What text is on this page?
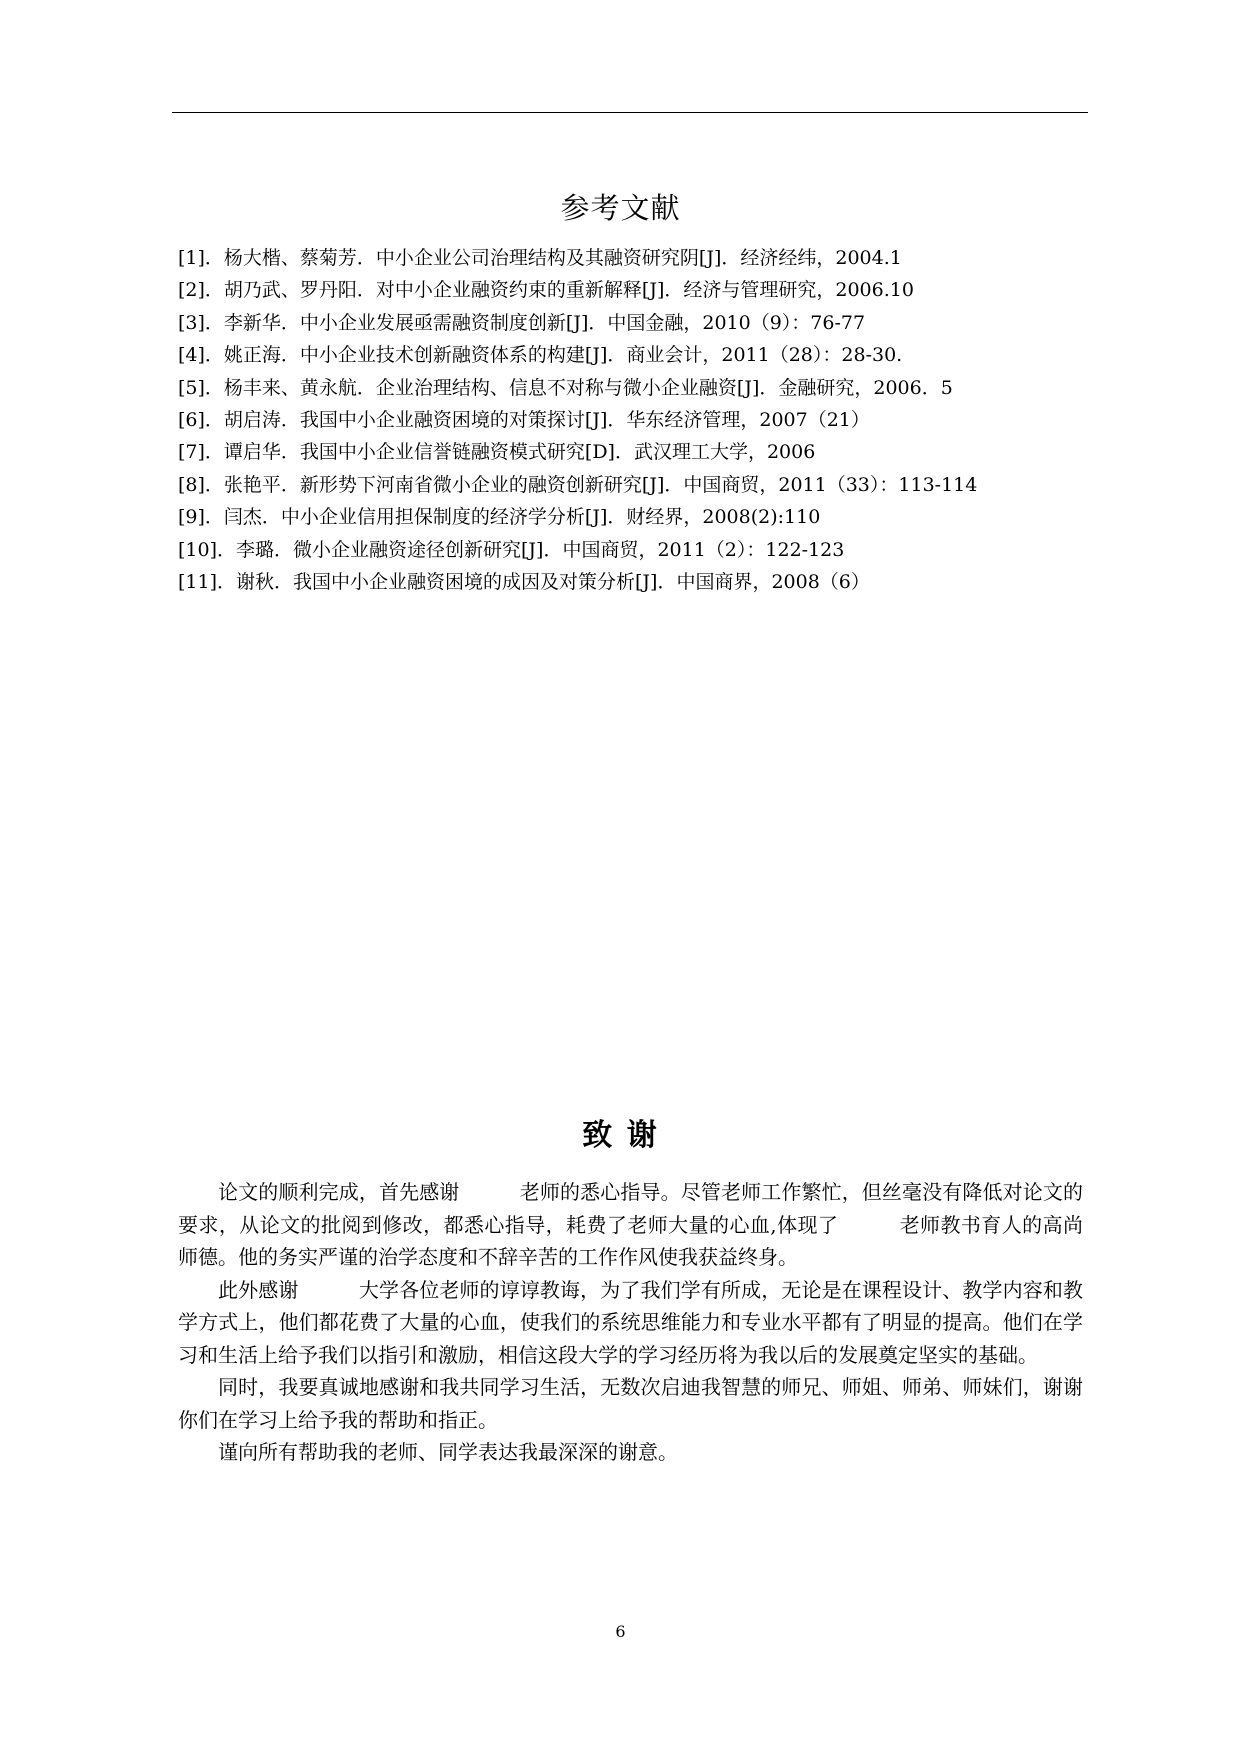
参考文献
[1]．杨大楷、蔡菊芳．中小企业公司治理结构及其融资研究阴[J]．经济经纬，2004.1
[2]．胡乃武、罗丹阳．对中小企业融资约束的重新解释[J]．经济与管理研究，2006.10
[3]．李新华．中小企业发展亟需融资制度创新[J]．中国金融，2010（9）：76-77
[4]．姚正海．中小企业技术创新融资体系的构建[J]．商业会计，2011（28）：28-30.
[5]．杨丰来、黄永航．企业治理结构、信息不对称与微小企业融资[J]．金融研究，2006．5
[6]．胡启涛．我国中小企业融资困境的对策探讨[J]．华东经济管理，2007（21）
[7]．谭启华．我国中小企业信誉链融资模式研究[D]．武汉理工大学，2006
[8]．张艳平．新形势下河南省微小企业的融资创新研究[J]．中国商贸，2011（33）：113-114
[9]．闫杰．中小企业信用担保制度的经济学分析[J]．财经界，2008(2):110
[10]．李璐．微小企业融资途径创新研究[J]．中国商贸，2011（2）：122-123
[11]．谢秋．我国中小企业融资困境的成因及对策分析[J]．中国商界，2008（6）
致 谢

论文的顺利完成，首先感谢　　　老师的悉心指导。尽管老师工作繁忙，但丝毫没有降低对论文的要求，从论文的批阅到修改，都悉心指导，耗费了老师大量的心血,体现了　　　老师教书育人的高尚师德。他的务实严谨的治学态度和不辞辛苦的工作作风使我获益终身。

此外感谢　　　大学各位老师的谆谆教诲，为了我们学有所成，无论是在课程设计、教学内容和教学方式上，他们都花费了大量的心血，使我们的系统思维能力和专业水平都有了明显的提高。他们在学习和生活上给予我们以指引和激励，相信这段大学的学习经历将为我以后的发展奠定坚实的基础。

同时，我要真诚地感谢和我共同学习生活，无数次启迪我智慧的师兄、师姐、师弟、师妹们，谢谢你们在学习上给予我的帮助和指正。

谨向所有帮助我的老师、同学表达我最深深的谢意。

6
